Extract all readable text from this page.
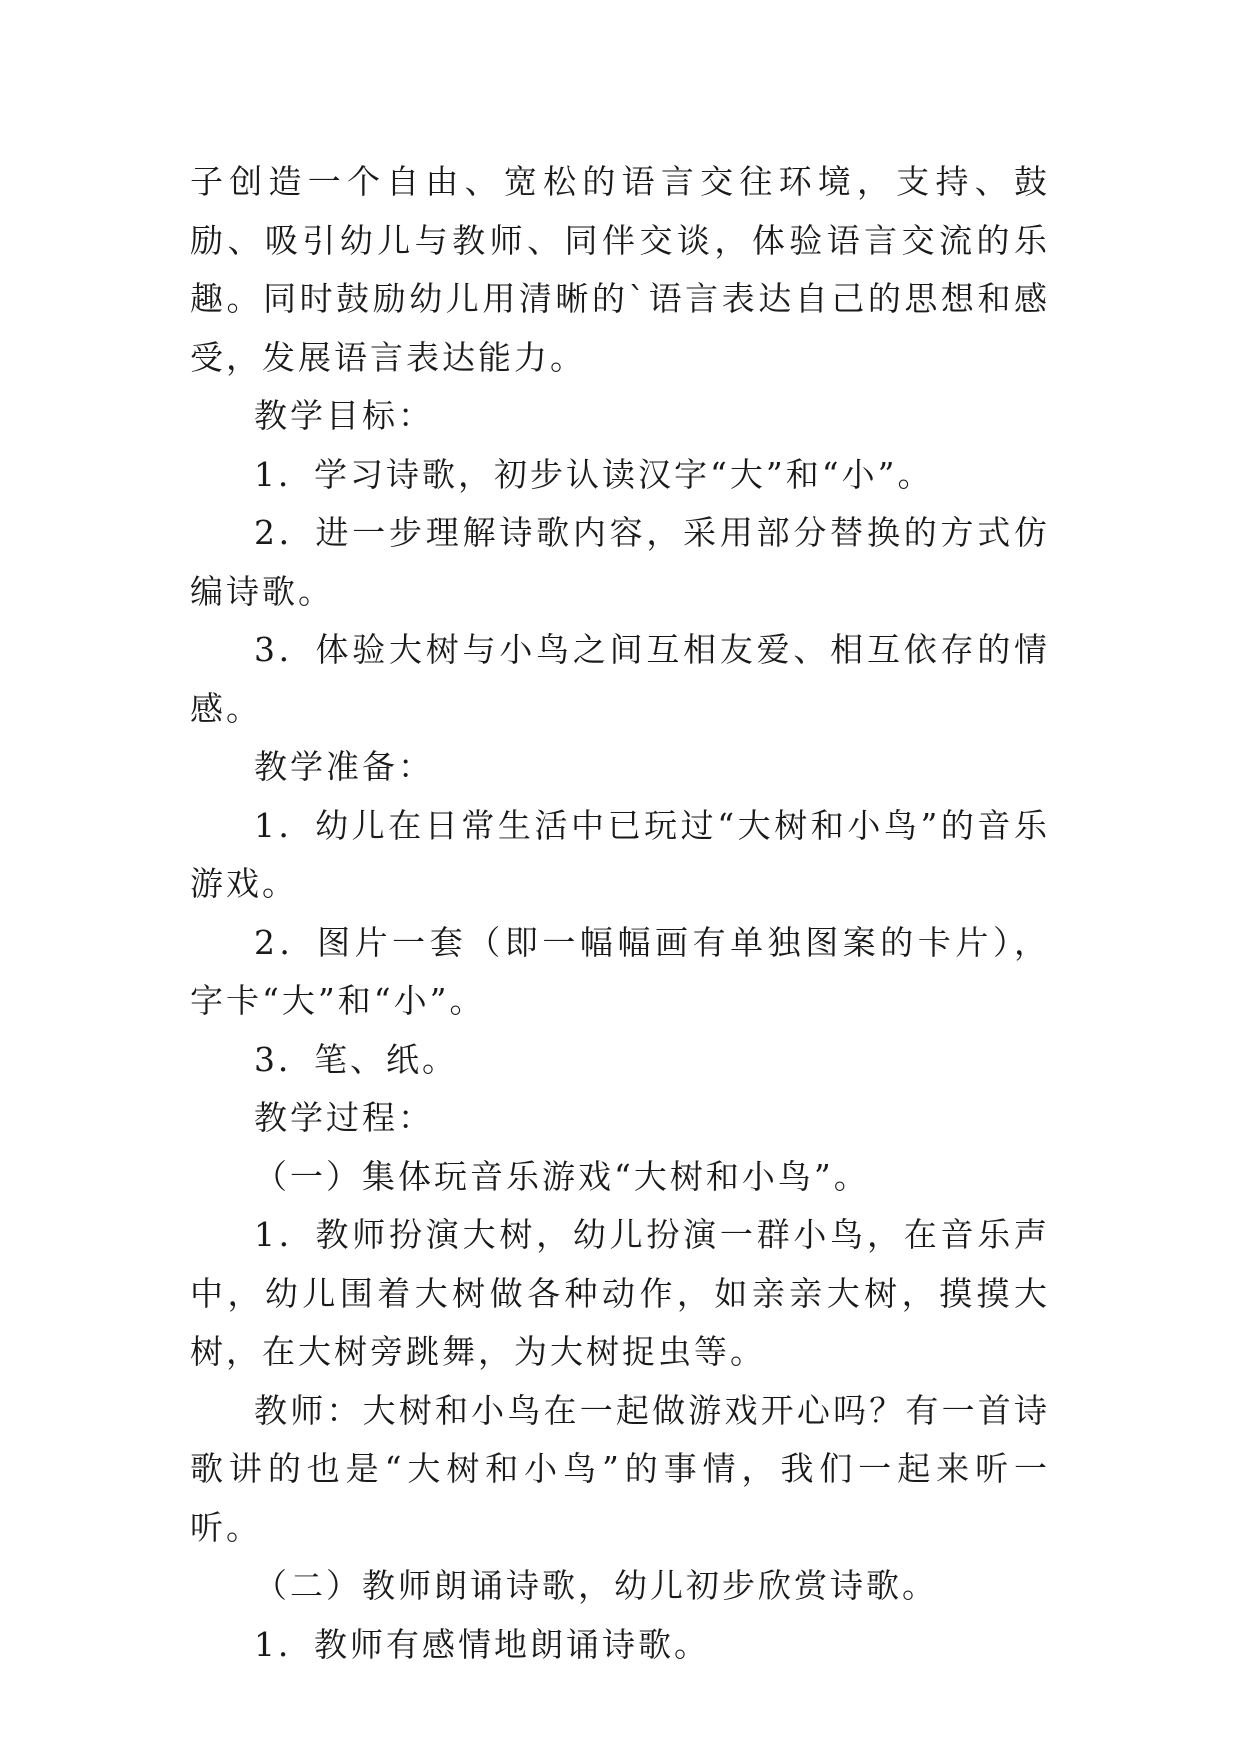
子创造一个自由、宽松的语言交往环境，支持、鼓励、吸引幼儿与教师、同伴交谈，体验语言交流的乐趣。同时鼓励幼儿用清晰的`语言表达自己的思想和感受，发展语言表达能力。

教学目标：

1．学习诗歌，初步认读汉字“大”和“小”。

2．进一步理解诗歌内容，采用部分替换的方式仿编诗歌。

3．体验大树与小鸟之间互相友爱、相互依存的情感。

教学准备：

1．幼儿在日常生活中已玩过“大树和小鸟”的音乐游戏。

2．图片一套（即一幅幅画有单独图案的卡片），字卡“大”和“小”。

3．笔、纸。

教学过程：

（一）集体玩音乐游戏“大树和小鸟”。

1．教师扮演大树，幼儿扮演一群小鸟，在音乐声中，幼儿围着大树做各种动作，如亲亲大树，摸摸大树，在大树旁跳舞，为大树捉虫等。

教师：大树和小鸟在一起做游戏开心吗？有一首诗歌讲的也是“大树和小鸟”的事情，我们一起来听一听。

（二）教师朗诵诗歌，幼儿初步欣赏诗歌。

1．教师有感情地朗诵诗歌。
